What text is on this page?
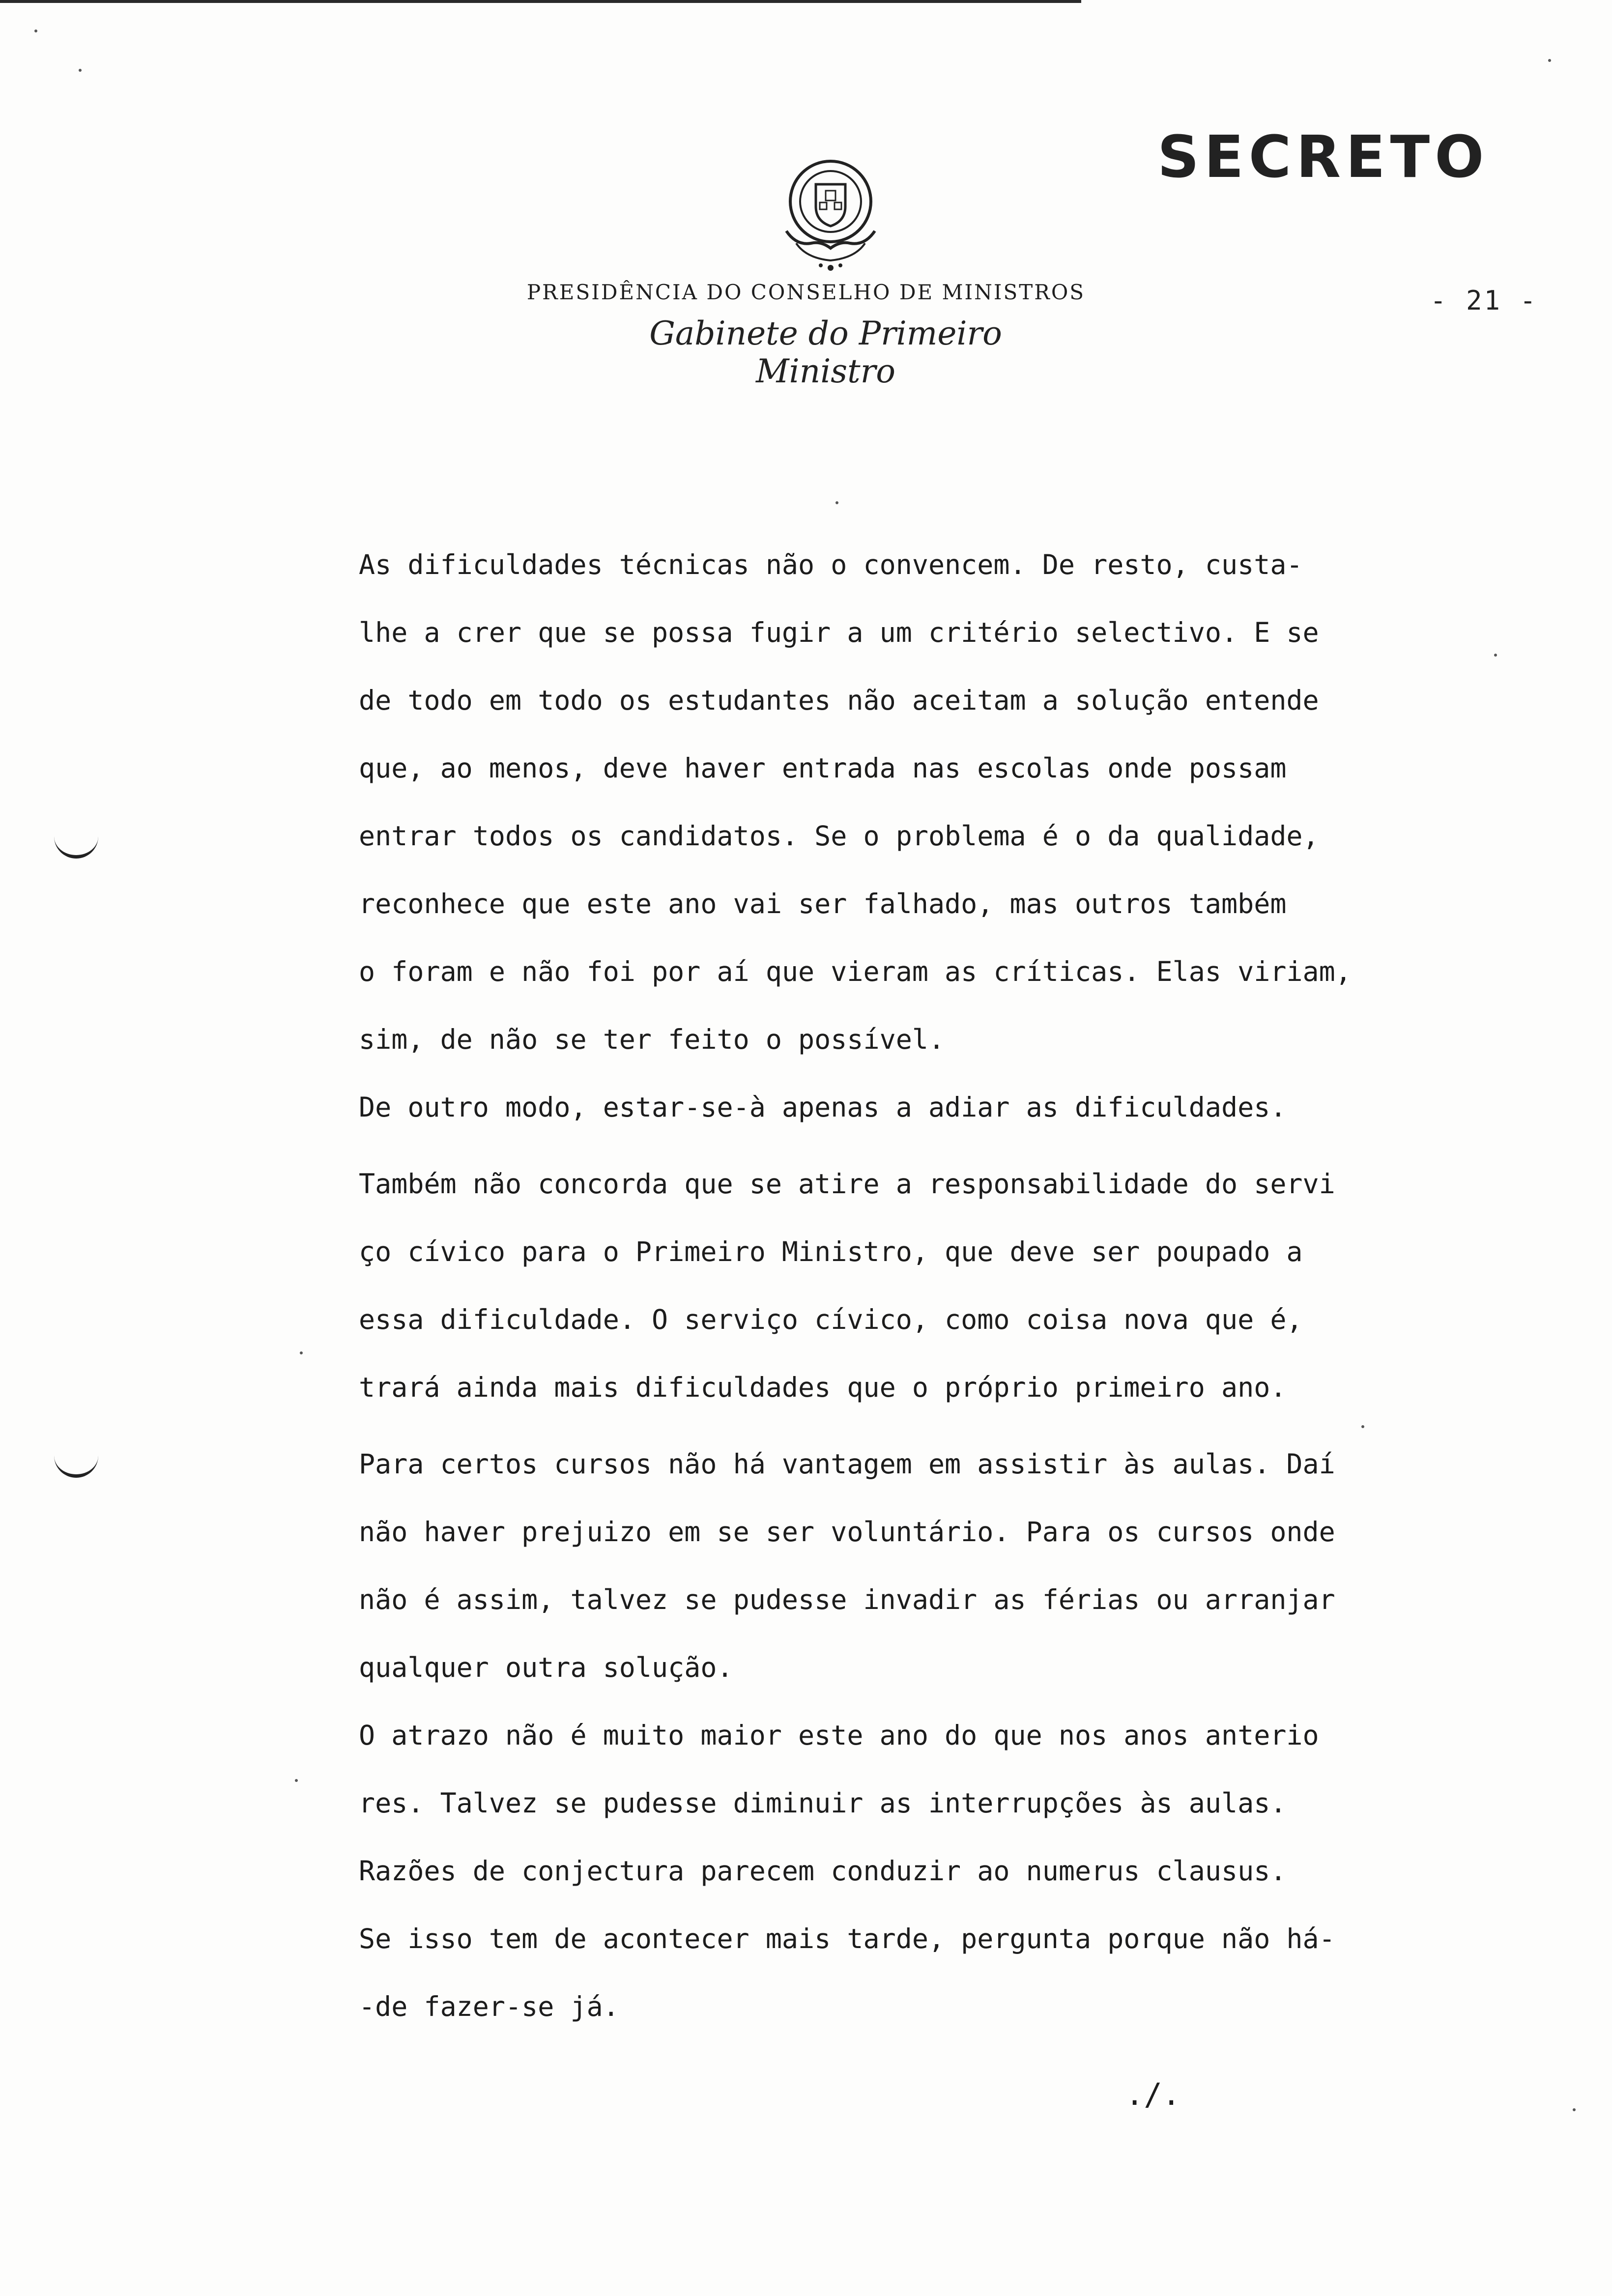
SECRETO
PRESIDÊNCIA DO CONSELHO DE MINISTROS
Gabinete do Primeiro Ministro
- 21 -
As dificuldades técnicas não o convencem. De resto, custa-
lhe a crer que se possa fugir a um critério selectivo. E se
de todo em todo os estudantes não aceitam a solução entende
que, ao menos, deve haver entrada nas escolas onde possam
entrar todos os candidatos. Se o problema é o da qualidade,
reconhece que este ano vai ser falhado, mas outros também
o foram e não foi por aí que vieram as críticas. Elas viriam,
sim, de não se ter feito o possível.
De outro modo, estar-se-à apenas a adiar as dificuldades.
Também não concorda que se atire a responsabilidade do servi
ço cívico para o Primeiro Ministro, que deve ser poupado a
essa dificuldade. O serviço cívico, como coisa nova que é,
trará ainda mais dificuldades que o próprio primeiro ano.
Para certos cursos não há vantagem em assistir às aulas. Daí
não haver prejuizo em se ser voluntário. Para os cursos onde
não é assim, talvez se pudesse invadir as férias ou arranjar
qualquer outra solução.
O atrazo não é muito maior este ano do que nos anos anterio
res. Talvez se pudesse diminuir as interrupções às aulas.
Razões de conjectura parecem conduzir ao numerus clausus.
Se isso tem de acontecer mais tarde, pergunta porque não há-
-de fazer-se já.
./.
